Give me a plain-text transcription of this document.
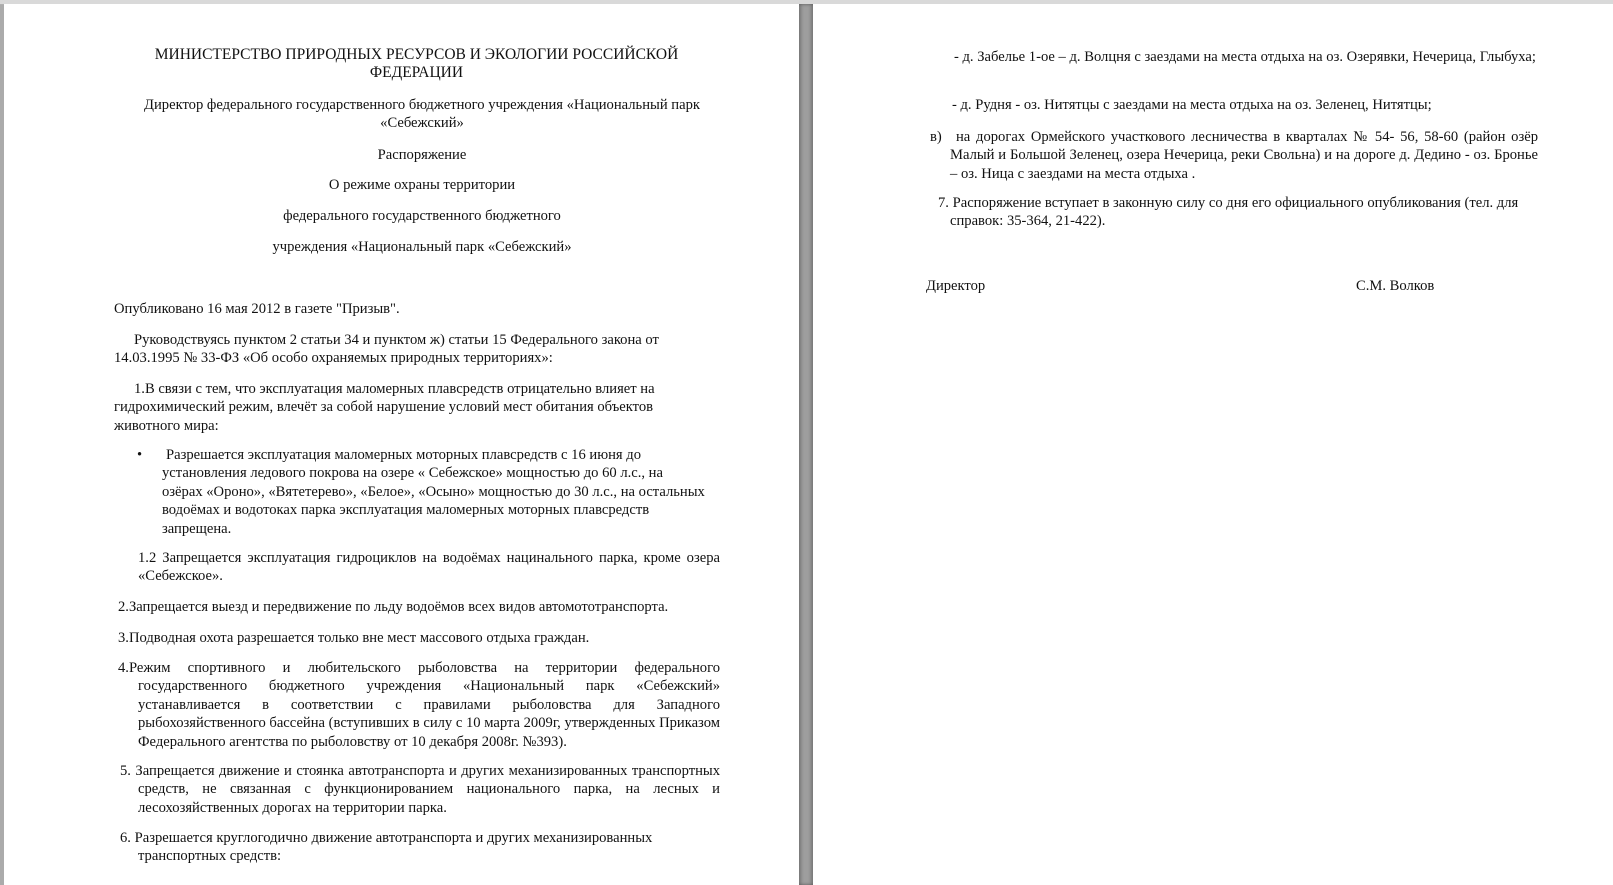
МИНИСТЕРСТВО ПРИРОДНЫХ РЕСУРСОВ И ЭКОЛОГИИ РОССИЙСКОЙ ФЕДЕРАЦИИ

Директор федерального государственного бюджетного учреждения «Национальный парк «Себежский»

Распоряжение

О режиме охраны территории

федерального государственного бюджетного

учреждения «Национальный парк «Себежский»

Опубликовано 16 мая 2012 в газете "Призыв".

Руководствуясь пунктом 2 статьи 34 и пунктом ж) статьи 15 Федерального закона от 14.03.1995 № 33-ФЗ «Об особо охраняемых природных территориях»:

1.В связи с тем, что эксплуатация маломерных плавсредств отрицательно влияет на гидрохимический режим, влечёт за собой нарушение условий мест обитания объектов животного мира:

• Разрешается эксплуатация маломерных моторных плавсредств с 16 июня до установления ледового покрова на озере « Себежское» мощностью до 60 л.с., на озёрах «Ороно», «Вятетерево», «Белое», «Осыно» мощностью до 30 л.с., на остальных водоёмах и водотоках парка эксплуатация маломерных моторных плавсредств запрещена.

1.2 Запрещается эксплуатация гидроциклов на водоёмах нацинального парка, кроме озера «Себежское».

2.Запрещается выезд и передвижение по льду водоёмов всех видов автомототранспорта.

3.Подводная охота разрешается только вне мест массового отдыха граждан.

4.Режим спортивного и любительского рыболовства на территории федерального государственного бюджетного учреждения «Национальный парк «Себежский» устанавливается в соответствии с правилами рыболовства для Западного рыбохозяйственного бассейна (вступивших в силу с 10 марта 2009г, утвержденных Приказом Федерального агентства по рыболовству от 10 декабря 2008г. №393).

5. Запрещается движение и стоянка автотранспорта и других механизированных транспортных средств, не связанная с функционированием национального парка, на лесных и лесохозяйственных дорогах на территории парка.

6. Разрешается круглогодично движение автотранспорта и других механизированных транспортных средств:

- д. Забелье 1-ое – д. Волцня с заездами на места отдыха на оз. Озерявки, Нечерица, Глыбуха;

- д. Рудня - оз. Нитятцы с заездами на места отдыха на оз. Зеленец, Нитятцы;

в) на дорогах Ормейского участкового лесничества в кварталах № 54- 56, 58-60 (район озёр Малый и Большой Зеленец, озера Нечерица, реки Свольна) и на дороге д. Дедино - оз. Бронье – оз. Ница с заездами на места отдыха .

7. Распоряжение вступает в законную силу со дня его официального опубликования (тел. для справок: 35-364, 21-422).

Директор	С.М. Волков
